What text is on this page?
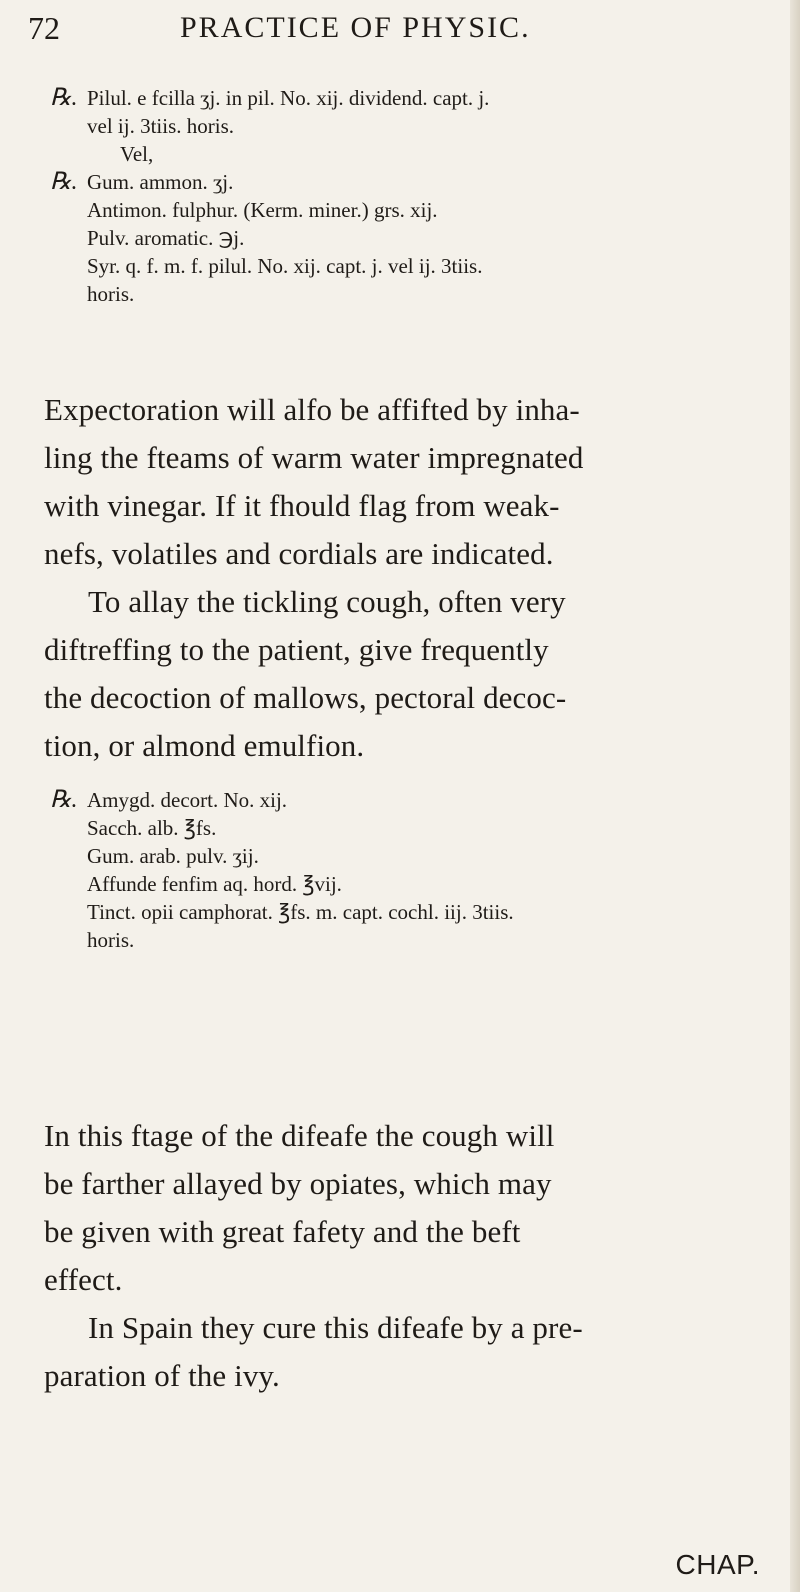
72	PRACTICE OF PHYSIC.
℞. Pilul. e fcilla ʒj. in pil. No. xij. dividend. capt. j.
vel ij. 3tiis. horis.
Vel,
℞. Gum. ammon. ʒj.
Antimon. fulphur. (Kerm. miner.) grs. xij.
Pulv. aromatic. ℈j.
Syr. q. f. m. f. pilul. No. xij. capt. j. vel ij. 3tiis.
horis.

Expectoration will alfo be affifted by inha-
ling the fteams of warm water impregnated
with vinegar. If it fhould flag from weak-
nefs, volatiles and cordials are indicated.

To allay the tickling cough, often very
diftreffing to the patient, give frequently
the decoction of mallows, pectoral decoc-
tion, or almond emulfion.

℞. Amygd. decort. No. xij.
Sacch. alb. ℥fs.
Gum. arab. pulv. ʒij.
Affunde fenfim aq. hord. ℥vij.
Tinct. opii camphorat. ℥fs. m. capt. cochl. iij. 3tiis.
horis.

In this ftage of the difeafe the cough will
be farther allayed by opiates, which may
be given with great fafety and the beft
effect.

In Spain they cure this difeafe by a pre-
paration of the ivy.

CHAP.
